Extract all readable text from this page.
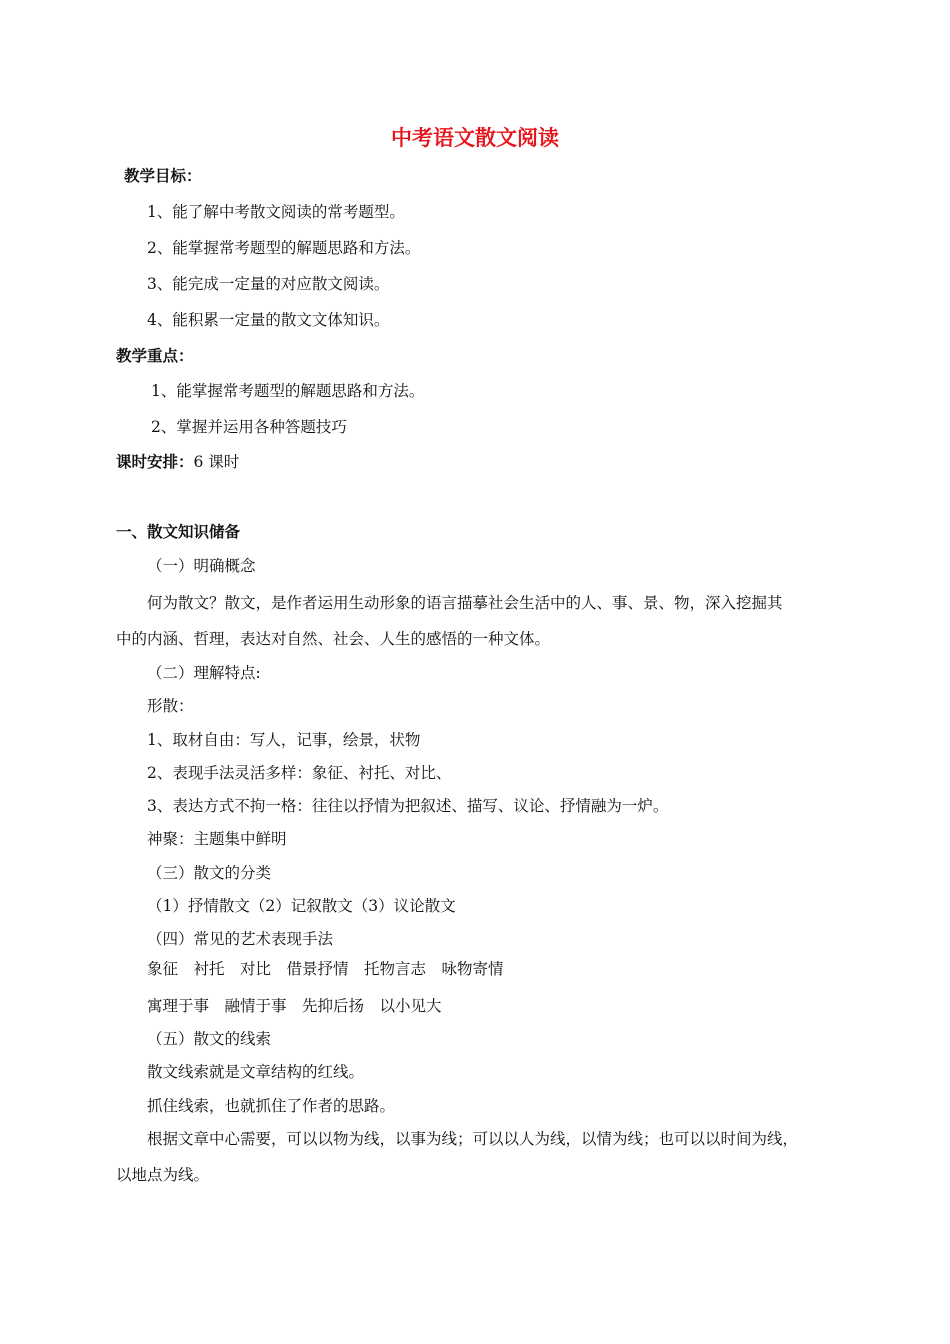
中考语文散文阅读
教学目标：
1、能了解中考散文阅读的常考题型。
2、能掌握常考题型的解题思路和方法。
3、能完成一定量的对应散文阅读。
4、能积累一定量的散文文体知识。
教学重点：
1、能掌握常考题型的解题思路和方法。
2、掌握并运用各种答题技巧
课时安排：6 课时
一、散文知识储备
（一）明确概念
何为散文？散文，是作者运用生动形象的语言描摹社会生活中的人、事、景、物，深入挖掘其
中的内涵、哲理，表达对自然、社会、人生的感悟的一种文体。
（二）理解特点:
形散：
1、取材自由：写人，记事，绘景，状物
2、表现手法灵活多样：象征、衬托、对比、
3、表达方式不拘一格：往往以抒情为把叙述、描写、议论、抒情融为一炉。
神聚：主题集中鲜明
（三）散文的分类
（1）抒情散文（2）记叙散文（3）议论散文
（四）常见的艺术表现手法
象征　衬托　对比　借景抒情　托物言志　咏物寄情
寓理于事　融情于事　先抑后扬　以小见大
（五）散文的线索
散文线索就是文章结构的红线。
抓住线索，也就抓住了作者的思路。
根据文章中心需要，可以以物为线，以事为线；可以以人为线，以情为线；也可以以时间为线，
以地点为线。
